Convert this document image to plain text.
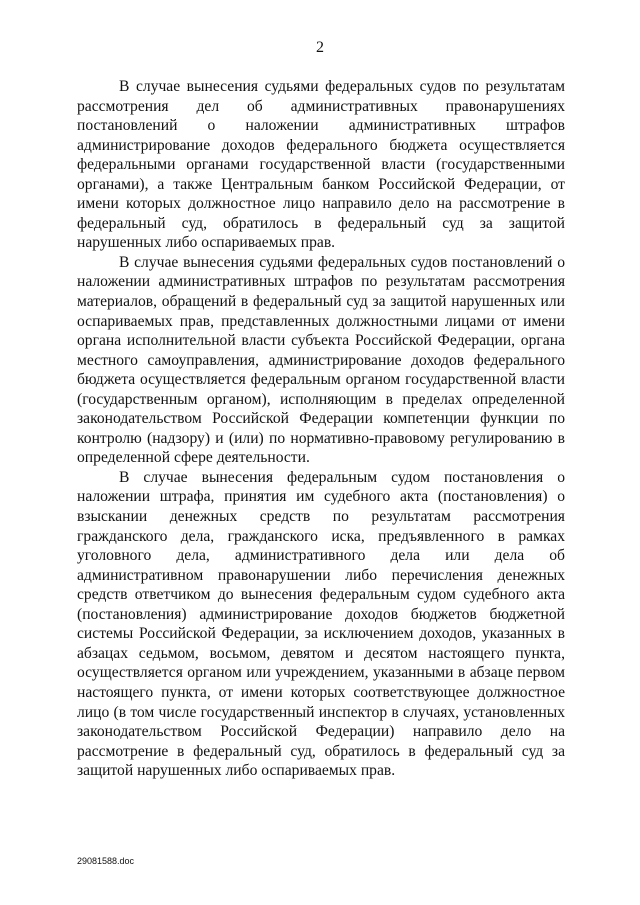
2

В случае вынесения судьями федеральных судов по результатам рассмотрения дел об административных правонарушениях постановлений о наложении административных штрафов администрирование доходов федерального бюджета осуществляется федеральными органами государственной власти (государственными органами), а также Центральным банком Российской Федерации, от имени которых должностное лицо направило дело на рассмотрение в федеральный суд, обратилось в федеральный суд за защитой нарушенных либо оспариваемых прав.

В случае вынесения судьями федеральных судов постановлений о наложении административных штрафов по результатам рассмотрения материалов, обращений в федеральный суд за защитой нарушенных или оспариваемых прав, представленных должностными лицами от имени органа исполнительной власти субъекта Российской Федерации, органа местного самоуправления, администрирование доходов федерального бюджета осуществляется федеральным органом государственной власти (государственным органом), исполняющим в пределах определенной законодательством Российской Федерации компетенции функции по контролю (надзору) и (или) по нормативно-правовому регулированию в определенной сфере деятельности.

В случае вынесения федеральным судом постановления о наложении штрафа, принятия им судебного акта (постановления) о взыскании денежных средств по результатам рассмотрения гражданского дела, гражданского иска, предъявленного в рамках уголовного дела, административного дела или дела об административном правонарушении либо перечисления денежных средств ответчиком до вынесения федеральным судом судебного акта (постановления) администрирование доходов бюджетов бюджетной системы Российской Федерации, за исключением доходов, указанных в абзацах седьмом, восьмом, девятом и десятом настоящего пункта, осуществляется органом или учреждением, указанными в абзаце первом настоящего пункта, от имени которых соответствующее должностное лицо (в том числе государственный инспектор в случаях, установленных законодательством Российской Федерации) направило дело на рассмотрение в федеральный суд, обратилось в федеральный суд за защитой нарушенных либо оспариваемых прав.

29081588.doc
